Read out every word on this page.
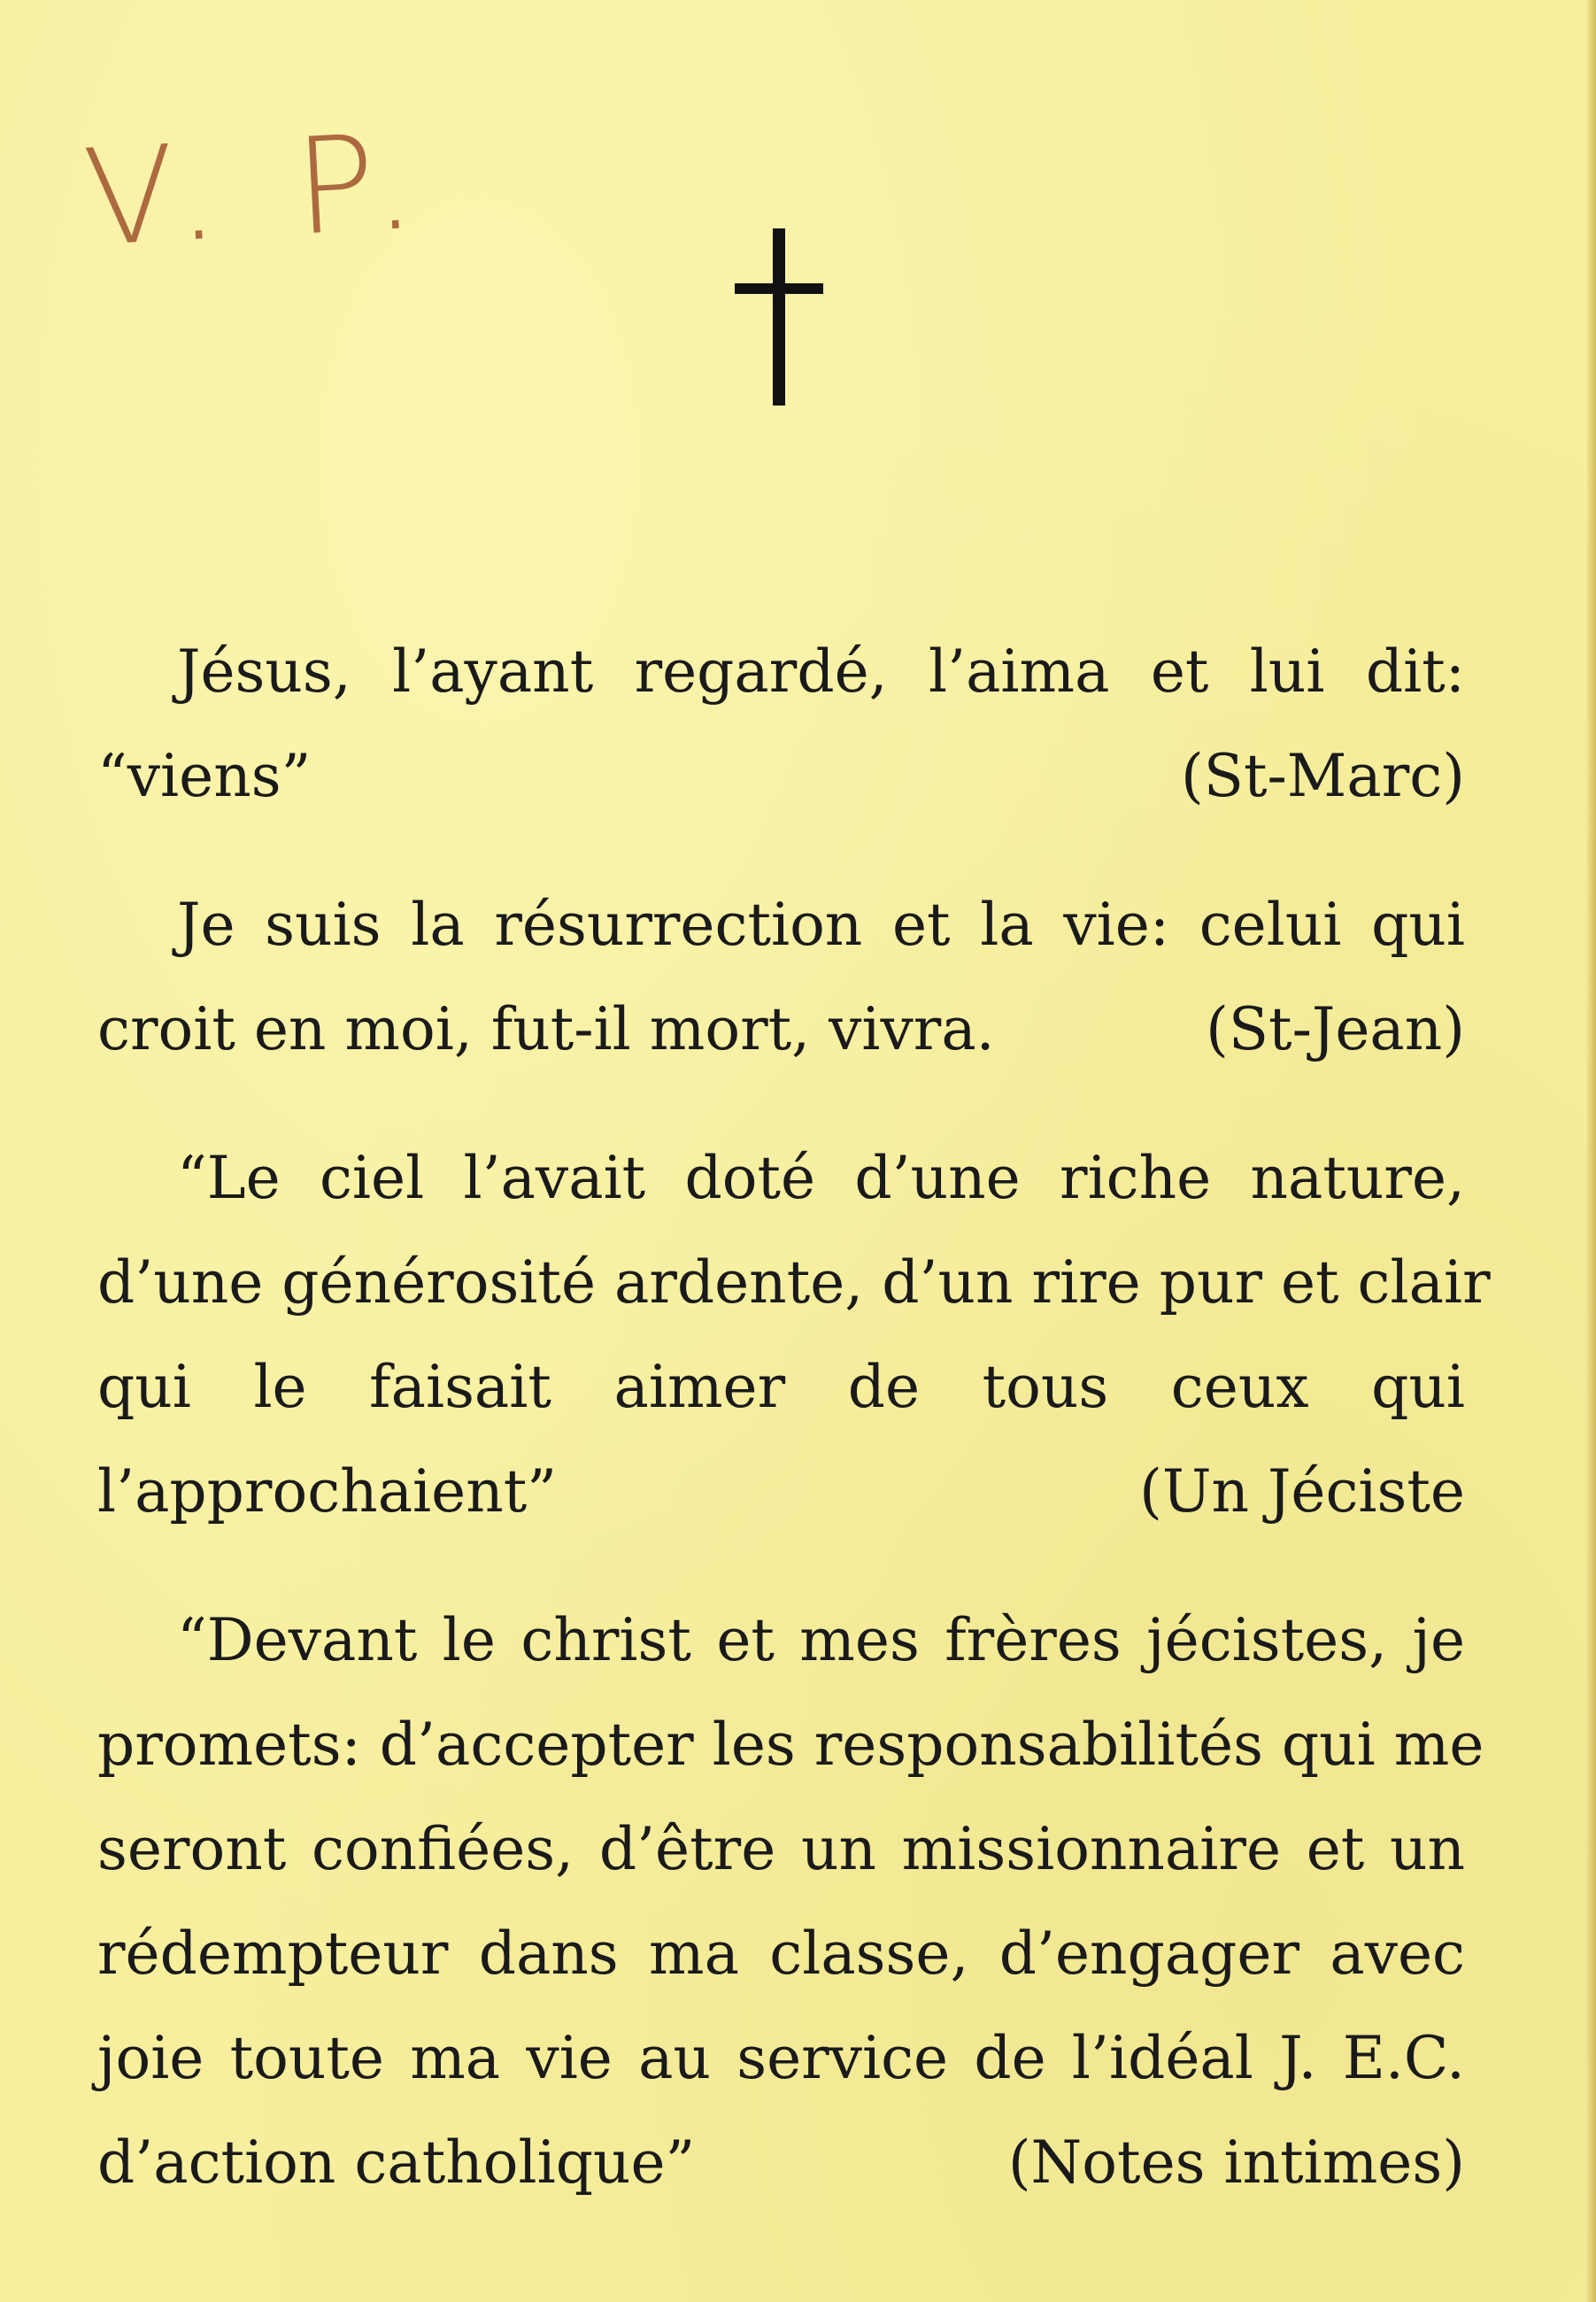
V. P.
Jésus, l’ayant regardé, l’aima et lui dit:
“viens”	(St-Marc)
Je suis la résurrection et la vie: celui qui
croit en moi, fut-il mort, vivra.	(St-Jean)
“Le ciel l’avait doté d’une riche nature,
d’une générosité ardente, d’un rire pur et clair
qui le faisait aimer de tous ceux qui
l’approchaient”	(Un Jéciste
“Devant le christ et mes frères jécistes, je
promets: d’accepter les responsabilités qui me
seront confiées, d’être un missionnaire et un
rédempteur dans ma classe, d’engager avec
joie toute ma vie au service de l’idéal J. E.C.
d’action catholique”	(Notes intimes)
